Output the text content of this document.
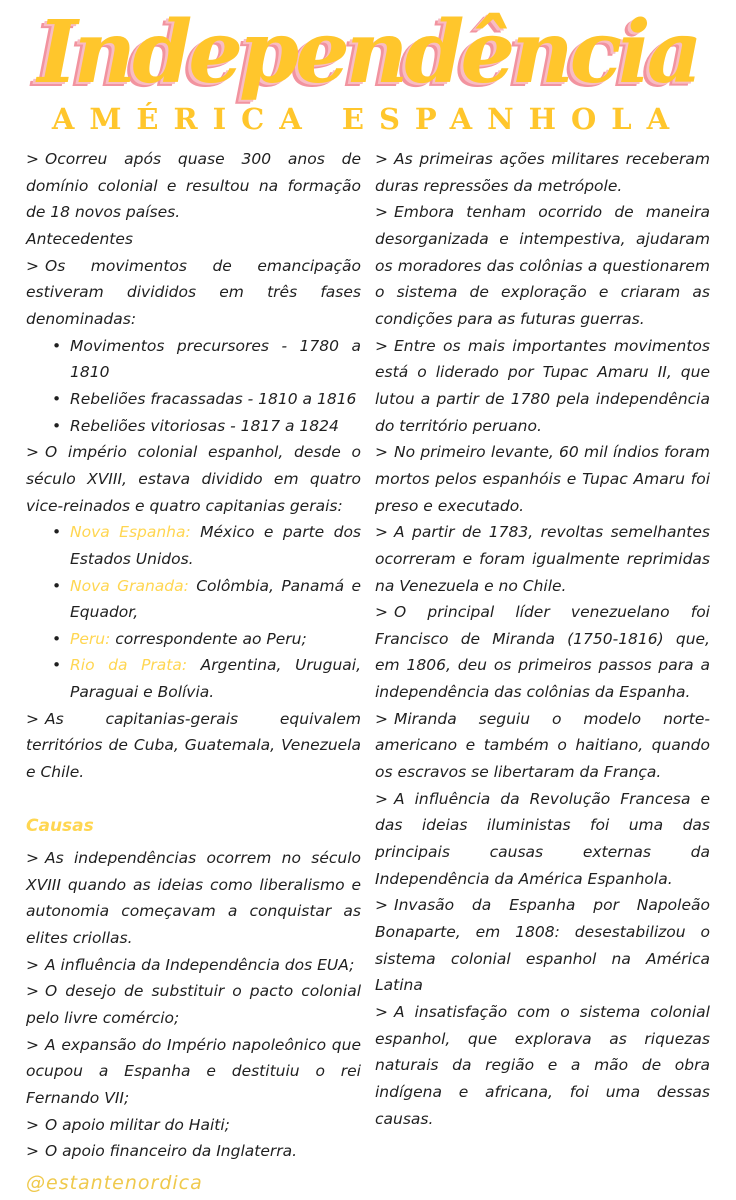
Independência
AMÉRICA ESPANHOLA
> Ocorreu após quase 300 anos de domínio colonial e resultou na formação de 18 novos países.
Antecedentes
> Os movimentos de emancipação estiveram divididos em três fases denominadas:
• Movimentos precursores - 1780 a 1810
• Rebeliões fracassadas - 1810 a 1816
• Rebeliões vitoriosas - 1817 a 1824
> O império colonial espanhol, desde o século XVIII, estava dividido em quatro vice-reinados e quatro capitanias gerais:
• Nova Espanha: México e parte dos Estados Unidos.
• Nova Granada: Colômbia, Panamá e Equador,
• Peru: correspondente ao Peru;
• Rio da Prata: Argentina, Uruguai, Paraguai e Bolívia.
> As capitanias-gerais equivalem territórios de Cuba, Guatemala, Venezuela e Chile.
Causas
> As independências ocorrem no século XVIII quando as ideias como liberalismo e autonomia começavam a conquistar as elites criollas.
> A influência da Independência dos EUA;
> O desejo de substituir o pacto colonial pelo livre comércio;
> A expansão do Império napoleônico que ocupou a Espanha e destituiu o rei Fernando VII;
> O apoio militar do Haiti;
> O apoio financeiro da Inglaterra.
@estantenordica
> As primeiras ações militares receberam duras repressões da metrópole.
> Embora tenham ocorrido de maneira desorganizada e intempestiva, ajudaram os moradores das colônias a questionarem o sistema de exploração e criaram as condições para as futuras guerras.
> Entre os mais importantes movimentos está o liderado por Tupac Amaru II, que lutou a partir de 1780 pela independência do território peruano.
> No primeiro levante, 60 mil índios foram mortos pelos espanhóis e Tupac Amaru foi preso e executado.
> A partir de 1783, revoltas semelhantes ocorreram e foram igualmente reprimidas na Venezuela e no Chile.
> O principal líder venezuelano foi Francisco de Miranda (1750-1816) que, em 1806, deu os primeiros passos para a independência das colônias da Espanha.
> Miranda seguiu o modelo norte-americano e também o haitiano, quando os escravos se libertaram da França.
> A influência da Revolução Francesa e das ideias iluministas foi uma das principais causas externas da Independência da América Espanhola.
> Invasão da Espanha por Napoleão Bonaparte, em 1808: desestabilizou o sistema colonial espanhol na América Latina
> A insatisfação com o sistema colonial espanhol, que explorava as riquezas naturais da região e a mão de obra indígena e africana, foi uma dessas causas.
